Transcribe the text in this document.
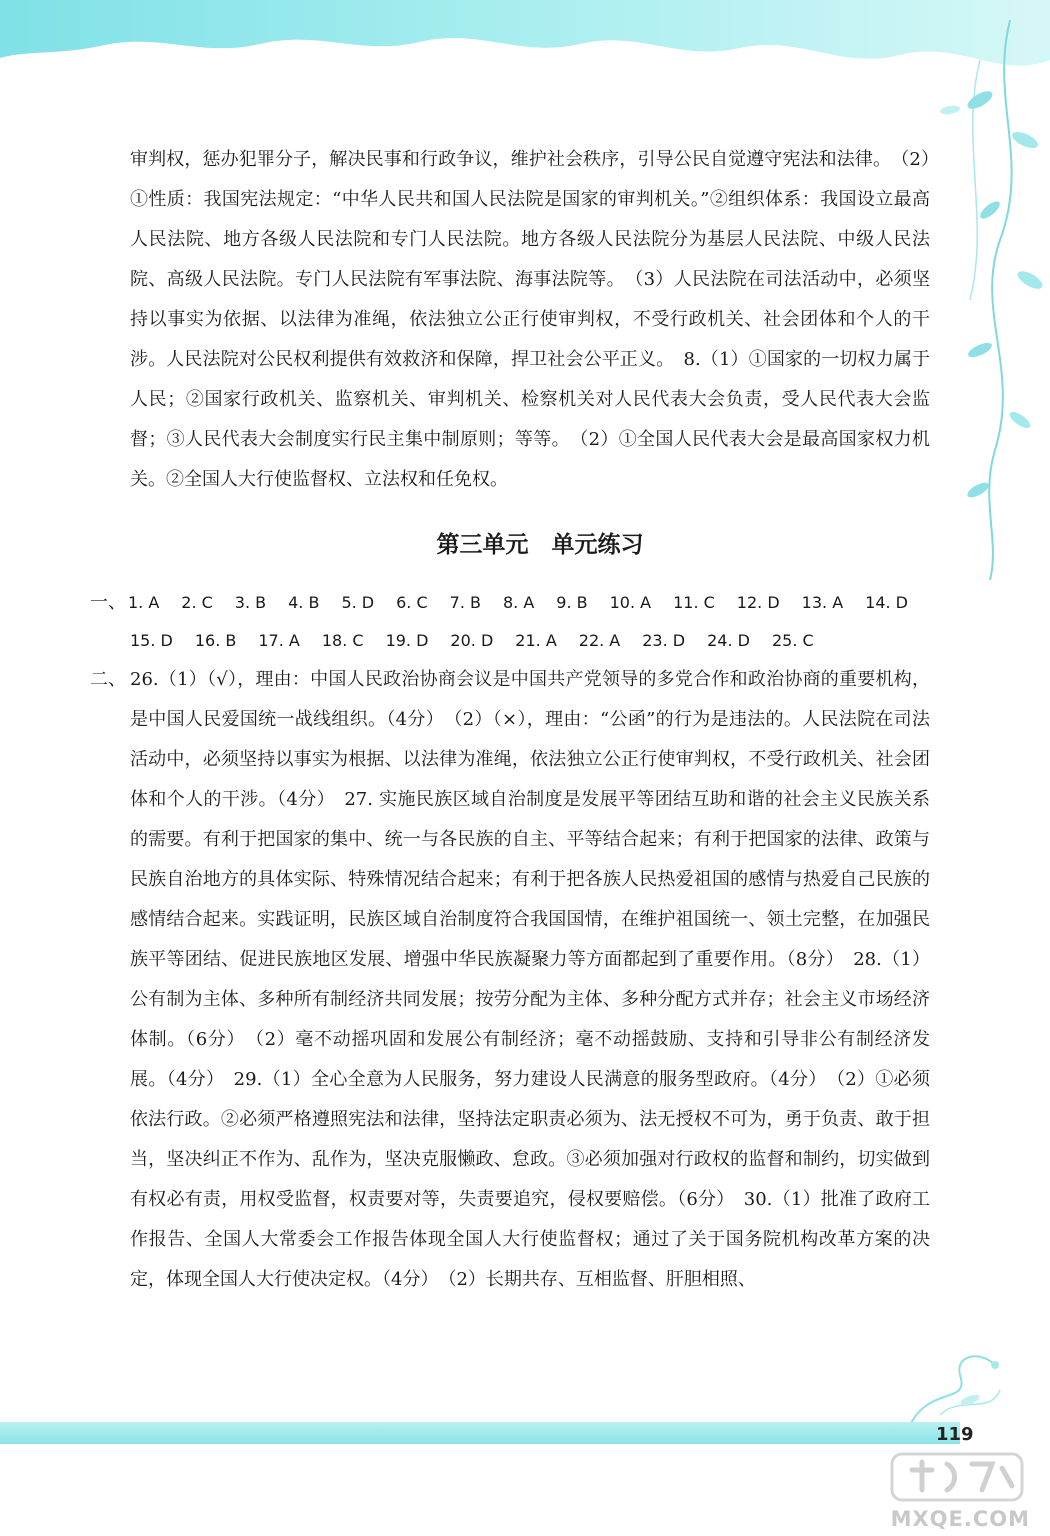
审判权，惩办犯罪分子，解决民事和行政争议，维护社会秩序，引导公民自觉遵守宪法和法律。　（2）①性质：我国宪法规定：“中华人民共和国人民法院是国家的审判机关。”②组织体系：我国设立最高人民法院、地方各级人民法院和专门人民法院。地方各级人民法院分为基层人民法院、中级人民法院、高级人民法院。专门人民法院有军事法院、海事法院等。　（3）人民法院在司法活动中，必须坚持以事实为依据、以法律为准绳，依法独立公正行使审判权，不受行政机关、社会团体和个人的干涉。人民法院对公民权利提供有效救济和保障，捍卫社会公平正义。　8.（1）①国家的一切权力属于人民；②国家行政机关、监察机关、审判机关、检察机关对人民代表大会负责，受人民代表大会监督；③人民代表大会制度实行民主集中制原则；等等。　（2）①全国人民代表大会是最高国家权力机关。②全国人大行使监督权、立法权和任免权。
第三单元　单元练习
一、 1. A 2. C 3. B 4. B 5. D 6. C 7. B 8. A 9. B 10. A 11. C 12. D 13. A 14. D
15. D 16. B 17. A 18. C 19. D 20. D 21. A 22. A 23. D 24. D 25. C
二、 26.（1）（√），理由：中国人民政治协商会议是中国共产党领导的多党合作和政治协商的重要机构，是中国人民爱国统一战线组织。（4分）　（2）（×），理由：“公函”的行为是违法的。人民法院在司法活动中，必须坚持以事实为根据、以法律为准绳，依法独立公正行使审判权，不受行政机关、社会团体和个人的干涉。（4分）　27. 实施民族区域自治制度是发展平等团结互助和谐的社会主义民族关系的需要。有利于把国家的集中、统一与各民族的自主、平等结合起来；有利于把国家的法律、政策与民族自治地方的具体实际、特殊情况结合起来；有利于把各族人民热爱祖国的感情与热爱自己民族的感情结合起来。实践证明，民族区域自治制度符合我国国情，在维护祖国统一、领土完整，在加强民族平等团结、促进民族地区发展、增强中华民族凝聚力等方面都起到了重要作用。（8分）　28.（1）公有制为主体、多种所有制经济共同发展；按劳分配为主体、多种分配方式并存；社会主义市场经济体制。（6分）　（2）毫不动摇巩固和发展公有制经济；毫不动摇鼓励、支持和引导非公有制经济发展。（4分）　29.（1）全心全意为人民服务，努力建设人民满意的服务型政府。（4分）　（2）①必须依法行政。②必须严格遵照宪法和法律，坚持法定职责必须为、法无授权不可为，勇于负责、敢于担当，坚决纠正不作为、乱作为，坚决克服懒政、怠政。③必须加强对行政权的监督和制约，切实做到有权必有责，用权受监督，权责要对等，失责要追究，侵权要赔偿。（6分）　30.（1）批准了政府工作报告、全国人大常委会工作报告体现全国人大行使监督权；通过了关于国务院机构改革方案的决定，体现全国人大行使决定权。（4分）　（2）长期共存、互相监督、肝胆相照、
119
MXQE.COM
